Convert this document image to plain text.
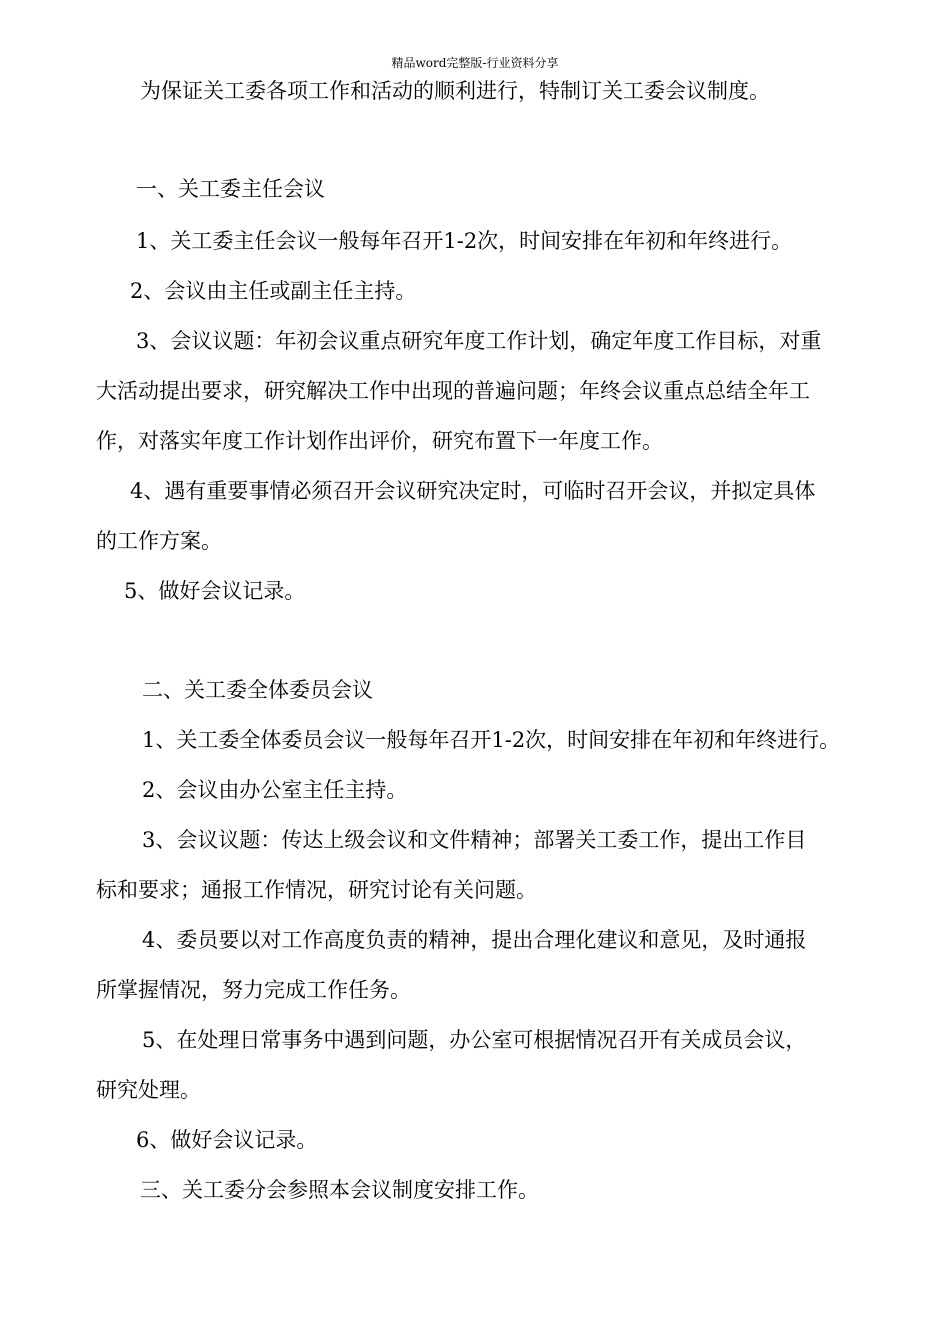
精品word完整版-行业资料分享
为保证关工委各项工作和活动的顺利进行，特制订关工委会议制度。
一、关工委主任会议
1、关工委主任会议一般每年召开1-2次，时间安排在年初和年终进行。
2、会议由主任或副主任主持。
3、会议议题：年初会议重点研究年度工作计划，确定年度工作目标，对重
大活动提出要求，研究解决工作中出现的普遍问题；年终会议重点总结全年工
作，对落实年度工作计划作出评价，研究布置下一年度工作。
4、遇有重要事情必须召开会议研究决定时，可临时召开会议，并拟定具体
的工作方案。
5、做好会议记录。
二、关工委全体委员会议
1、关工委全体委员会议一般每年召开1-2次，时间安排在年初和年终进行。
2、会议由办公室主任主持。
3、会议议题：传达上级会议和文件精神；部署关工委工作，提出工作目
标和要求；通报工作情况，研究讨论有关问题。
4、委员要以对工作高度负责的精神，提出合理化建议和意见，及时通报
所掌握情况，努力完成工作任务。
5、在处理日常事务中遇到问题，办公室可根据情况召开有关成员会议，
研究处理。
6、做好会议记录。
三、关工委分会参照本会议制度安排工作。
